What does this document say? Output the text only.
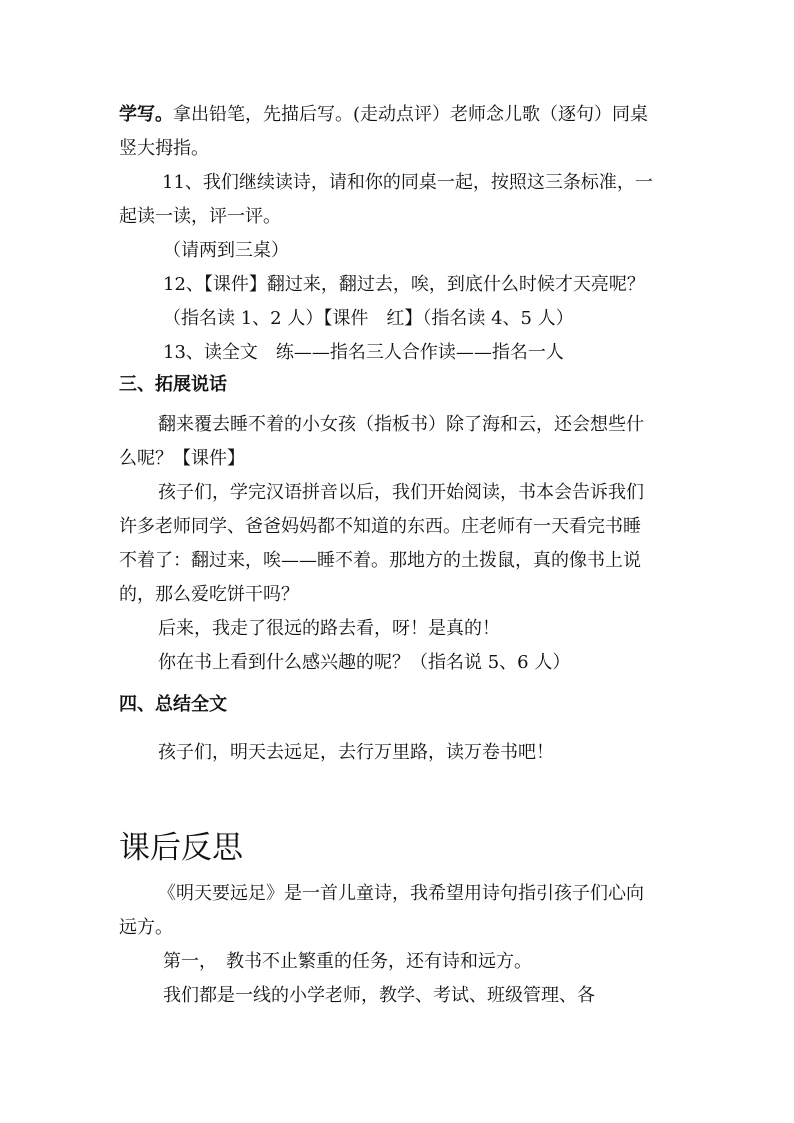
学写。拿出铅笔，先描后写。(走动点评）老师念儿歌（逐句）同桌
竖大拇指。
11、我们继续读诗，请和你的同桌一起，按照这三条标准，一
起读一读，评一评。
（请两到三桌）
12、【课件】翻过来，翻过去，唉，到底什么时候才天亮呢？
（指名读 1、2 人）【课件　红】（指名读 4、5 人）
13、读全文　练——指名三人合作读——指名一人
三、拓展说话
翻来覆去睡不着的小女孩（指板书）除了海和云，还会想些什
么呢？【课件】
孩子们，学完汉语拼音以后，我们开始阅读，书本会告诉我们
许多老师同学、爸爸妈妈都不知道的东西。庄老师有一天看完书睡
不着了：翻过来，唉——睡不着。那地方的土拨鼠，真的像书上说
的，那么爱吃饼干吗？
后来，我走了很远的路去看，呀！是真的！
你在书上看到什么感兴趣的呢？（指名说 5、6 人）
四、总结全文
孩子们，明天去远足，去行万里路，读万卷书吧！
课后反思
《明天要远足》是一首儿童诗，我希望用诗句指引孩子们心向
远方。
第一，　教书不止繁重的任务，还有诗和远方。
我们都是一线的小学老师，教学、考试、班级管理、各
